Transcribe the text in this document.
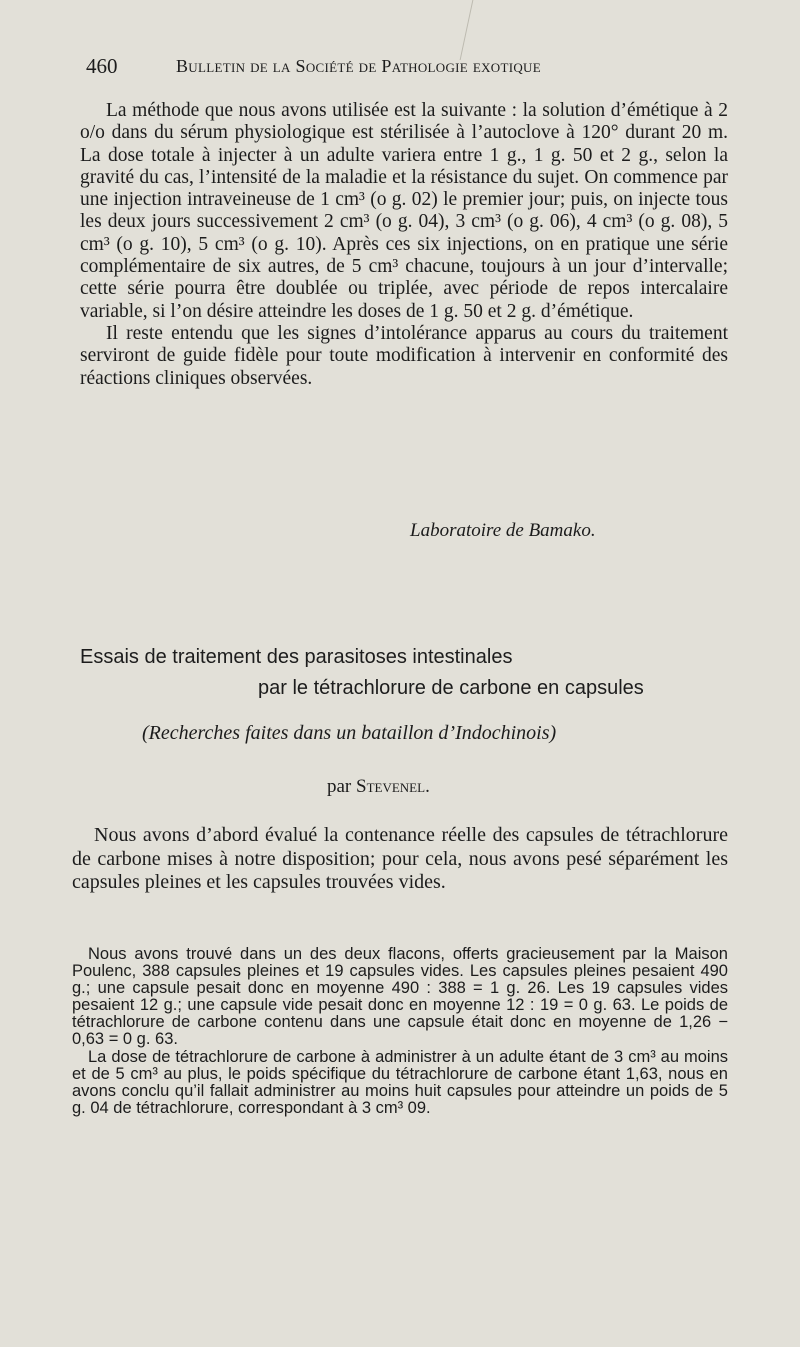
460	Bulletin de la Société de Pathologie exotique

La méthode que nous avons utilisée est la suivante : la solution d’émétique à 2 o/o dans du sérum physiologique est stérilisée à l’autoclove à 120° durant 20 m. La dose totale à injecter à un adulte variera entre 1 g., 1 g. 50 et 2 g., selon la gravité du cas, l’intensité de la maladie et la résistance du sujet. On commence par une injection intraveineuse de 1 cm³ (o g. 02) le premier jour; puis, on injecte tous les deux jours successivement 2 cm³ (o g. 04), 3 cm³ (o g. 06), 4 cm³ (o g. 08), 5 cm³ (o g. 10), 5 cm³ (o g. 10). Après ces six injections, on en pratique une série complémentaire de six autres, de 5 cm³ chacune, toujours à un jour d’intervalle; cette série pourra être doublée ou triplée, avec période de repos intercalaire variable, si l’on désire atteindre les doses de 1 g. 50 et 2 g. d’émétique.

Il reste entendu que les signes d’intolérance apparus au cours du traitement serviront de guide fidèle pour toute modification à intervenir en conformité des réactions cliniques observées.

Laboratoire de Bamako.
Essais de traitement des parasitoses intestinales
par le tétrachlorure de carbone en capsules
(Recherches faites dans un bataillon d’Indochinois)
par Stevenel.

Nous avons d’abord évalué la contenance réelle des capsules de tétrachlorure de carbone mises à notre disposition; pour cela, nous avons pesé séparément les capsules pleines et les capsules trouvées vides.

Nous avons trouvé dans un des deux flacons, offerts gracieusement par la Maison Poulenc, 388 capsules pleines et 19 capsules vides. Les capsules pleines pesaient 490 g.; une capsule pesait donc en moyenne 490 : 388 = 1 g. 26. Les 19 capsules vides pesaient 12 g.; une capsule vide pesait donc en moyenne 12 : 19 = 0 g. 63. Le poids de tétrachlorure de carbone contenu dans une capsule était donc en moyenne de 1,26 − 0,63 = 0 g. 63.

La dose de tétrachlorure de carbone à administrer à un adulte étant de 3 cm³ au moins et de 5 cm³ au plus, le poids spécifique du tétrachlorure de carbone étant 1,63, nous en avons conclu qu’il fallait administrer au moins huit capsules pour atteindre un poids de 5 g. 04 de tétrachlorure, correspondant à 3 cm³ 09.
